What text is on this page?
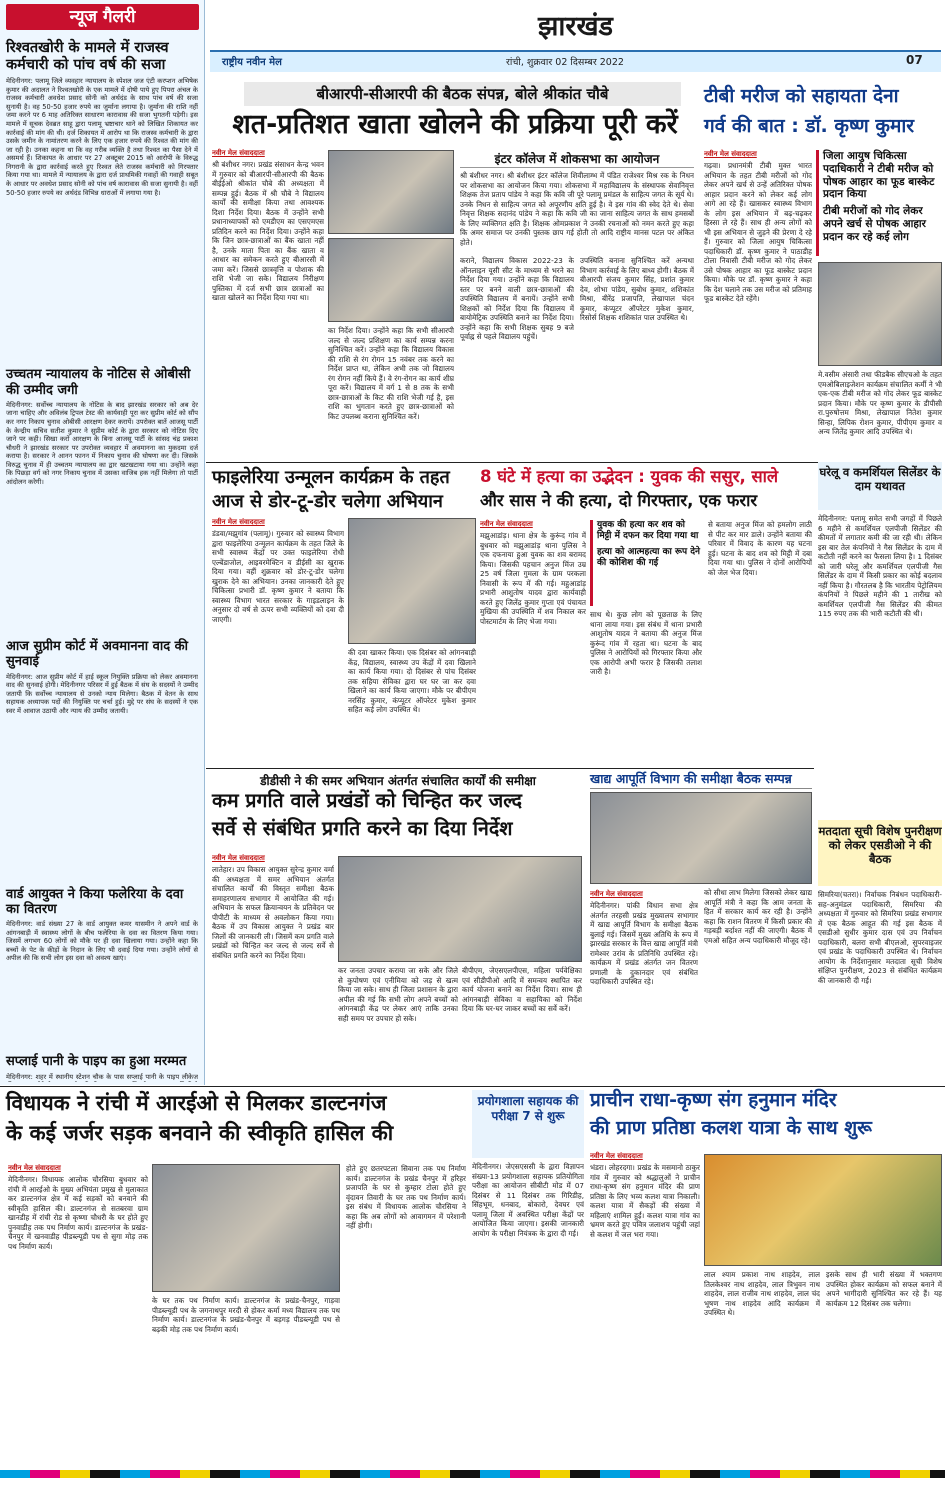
न्यूज गैलरी
रिश्वतखोरी के मामले में राजस्व कर्मचारी को पांच वर्ष की सजा
मेदिनीनगर: पलामू जिले व्यवहार न्यायालय के स्पेशल जज एंटी करप्शन अभिषेक कुमार की अदालत ने रिश्वतखोरी के एक मामले में दोषी पाये हुए पिपरा अंचल के राजस्व कर्मचारी अवधेश प्रसाद सोनी को अर्थदंड के साथ पांच वर्ष की सजा सुनायी है। वह 50-50 हजार रुपये का जुर्माना लगाया है। जुर्माना की राशि नहीं जमा करने पर 6 माह अतिरिक्त साधारण कारावास की सजा भुगतनी पड़ेगी। इस मामले में सूचक देवब्रत साहू द्वारा पलामू भ्रष्टाचार थाने को लिखित शिकायत कर कार्रवाई की मांग की थी। दर्ज शिकायत में आरोप था कि राजस्व कर्मचारी के द्वारा उसके जमीन के नामांतरण करने के लिए एक हजार रुपये की रिश्वत की मांग की जा रही है। उनका कहना था कि वह गरीब व्यक्ति है तथा रिश्वत का पैसा देने में असमर्थ हैं। शिकायत के आधार पर 27 अक्टूबर 2015 को आरोपी के विरुद्ध निगरानी के द्वारा कार्रवाई करते हुए रिश्वत लेते राजस्व कर्मचारी को गिरफ्तार किया गया था। मामले में न्यायालय के द्वारा दर्ज प्राथमिकी गवाहों की गवाही सबूत के आधार पर अवधेश प्रसाद सोनी को पांच वर्ष कारावास की सजा सुनायी है। वहीं 50-50 हजार रुपये का अर्थदंड विभिन्न धाराओं में लगाया गया है।
उच्चतम न्यायालय के नोटिस से ओबीसी की उम्मीद जगी
मेदिनीनगर: सर्वोच्च न्यायालय के नोटिस के बाद झारखंड सरकार को अब देर जाना चाहिए और अविलंब ट्रिपल टेस्ट की कार्यवाही पूरा कर सुप्रीम कोर्ट को सौंप कर नगर निकाय चुनाव ओबीसी आरक्षण देकर करायें। उपरोक्त बातें आजसू पार्टी के केन्द्रीय सचिव सतीश कुमार ने सुप्रीम कोर्ट के द्वारा सरकार को नोटिस दिए जाने पर कही। सिखा करों आरक्षण के बिना आजसू पार्टी के सांसद चंद्र प्रकाश चौधरी ने झारखंड सरकार पर उपरोक्त व्यवहार में अवमानना का मुकदमा दर्ज कराया है। सरकार ने आनन फानन में निकाय चुनाव की घोषणा कर दी। जिसके विरुद्ध चुनाव में ही उच्चतम न्यायालय का द्वार खटखटाया गया था। उन्होंने कहा कि पिछड़ा वर्ग को नगर निकाय चुनाव में उसका वाजिब हक नहीं मिलेगा तो पार्टी आंदोलन करेगी।
आज सुप्रीम कोर्ट में अवमानना वाद की सुनवाई
मेदिनीनगर: आज सुप्रीम कोर्ट में हाई स्कूल नियुक्ति प्रक्रिया को लेकर अवमानना वाद की सुनवाई होगी। मेदिनीनगर परिसर में हुई बैठक में संघ के सदस्यों ने उम्मीद जतायी कि सर्वोच्च न्यायालय से उनको न्याय मिलेगा। बैठक में वेतन के साथ सहायक अध्यापक पदों की नियुक्ति पर चर्चा हुई। मुद्दे पर संघ के सदस्यों ने एक स्वर में आवाज उठायी और न्याय की उम्मीद जतायी।
वार्ड आयुक्त ने किया फलेरिया के दवा का वितरण
मेदिनीनगर: वार्ड संख्या 27 के वार्ड आयुक्त कमर यासमीन ने अपने वार्ड के आंगनबाड़ी में स्वास्थ्य लोगों के बीच फलेरिया के दवा का वितरण किया गया। जिसमें लगभग 60 लोगों को मौके पर ही दवा खिलाया गया। उन्होंने कहा कि बच्चों के पेट के कीड़ों के निदान के लिए भी दवाई दिया गया। उन्होंने लोगों से अपील की कि सभी लोग इस दवा को अवश्य खाएं।
सप्लाई पानी के पाइप का हुआ मरम्मत
मेदिनीनगर: शहर में स्थानीय स्टेशन चौक के पास सप्लाई पानी के पाइप लीकेज
झारखंड
राष्ट्रीय नवीन मेल	रांची, शुक्रवार 02 दिसम्बर 2022	07
बीआरपी-सीआरपी की बैठक संपन्न, बोले श्रीकांत चौबे
शत-प्रतिशत खाता खोलने की प्रक्रिया पूरी करें
नवीन मेल संवाददाता
श्री बंशीधर नगर। प्रखंड संसाधन केन्द्र भवन में गुरुवार को बीआरपी-सीआरपी की बैठक बीईईओ श्रीकांत चौबे की अध्यक्षता में सम्पन्न हुई। बैठक में श्री चौबे ने विद्यालय कार्यों की समीक्षा किया तथा आवश्यक दिशा निर्देश दिया। बैठक में उन्होंने सभी प्रधानाध्यापकों को एमडीएम का एसएमएस प्रतिदिन करने का निर्देश दिया। उन्होंने कहा कि जिन छात्र-छात्राओं का बैंक खाता नहीं है, उनके माता पिता का बैंक खाता व आधार का समेकन करते हुए बीआरसी में जमा करें। जिससे छात्रवृत्ति व पोशाक की राशि भेजी जा सके। विद्यालय निरीक्षण पुस्तिका में दर्ज सभी छात्र छात्राओं का खाता खोलने का निर्देश दिया गया था।
का निर्देश दिया। उन्होंने कहा कि सभी सीआरपी जल्द से जल्द प्रशिक्षण का कार्य सम्पन्न करना सुनिश्चित करें। उन्होंने कहा कि विद्यालय विकास की राशि से रंग रोगन 15 नवंबर तक करने का निर्देश प्राप्त था, लेकिन अभी तक जो विद्यालय रंग रोगन नहीं किये हैं। वे रंग-रोगन का कार्य शीघ्र पूरा करें। विद्यालय में वर्ग 1 से 8 तक के सभी छात्र-छात्राओं के किट की राशि भेजी गई है, इस राशि का भुगतान करते हुए छात्र-छात्राओं को किट उपलब्ध कराना सुनिश्चित करें।
इंटर कॉलेज में शोकसभा का आयोजन
श्री बंशीधर नगर। श्री बंशीधर इंटर कॉलेज शिवीलाम्भ में पंडित राजेश्वर मिश्र रक के निधन पर शोकसभा का आयोजन किया गया। शोकसभा में महाविद्यालय के संस्थापक सेवानिवृत्त शिक्षक तेज प्रताप पांडेय ने कहा कि कवि जी पूरे पलामू प्रमंडल के साहित्य जगत के सूर्य थे। उनके निधन से साहित्य जगत को अपूरणीय क्षति हुई है। वे इस गांव की स्वेद देते थे। सेवा निवृत्त शिक्षक सदानंद पांडेय ने कहा कि कवि जी का जाना साहित्य जगत के साथ हमसबों के लिए व्यक्तिगत क्षति है। शिक्षक ओमप्रकाश ने उनकी रचनाओं को नमन करते हुए कहा कि अमर समाज पर उनकी पुस्तक छाप गई होती तो आदि राष्ट्रीय मानस पटल पर अंकित होते।
कराने, विद्यालय विकास 2022-23 के ऑनलाइन यूसी सीट के माध्यम से भरने का निर्देश दिया गया। उन्होंने कहा कि विद्यालय स्तर पर बनने वाली छात्र-छात्राओं की उपस्थिति विद्यालय में बनायें। उन्होंने सभी शिक्षकों को निर्देश दिया कि विद्यालय में बायोमेट्रिक उपस्थिति बनाने का निर्देश दिया। उन्होंने कहा कि सभी शिक्षक सुबह 9 बजे पूर्वाह्न से पहले विद्यालय पहुंचें।
उपस्थिति बनाना सुनिश्चित करें अन्यथा विभाग कार्रवाई के लिए बाध्य होगी। बैठक में बीआरपी संजय कुमार सिंह, प्रशांत कुमार देव, शोभा पांडेय, सुबोध कुमार, शशिकांत मिश्रा, बीरेंद्र प्रजापति, लेखापाल चंदन कुमार, कंप्यूटर ऑपरेटर मुकेश कुमार, रिसोर्स शिक्षक शशिकांत पाल उपस्थित थे।
टीबी मरीज को सहायता देना
गर्व की बात : डॉ. कृष्ण कुमार
नवीन मेल संवाददाता
गढ़वा। प्रधानमंत्री टीबी मुक्त भारत अभियान के तहत टीबी मरीजों को गोद लेकर अपने खर्च से उन्हें अतिरिक्त पोषक आहार प्रदान करने को लेकर कई लोग आगे आ रहे हैं। खासकर स्वास्थ्य विभाग के लोग इस अभियान में बढ़-चढ़कर हिस्सा ले रहे हैं। साथ ही अन्य लोगों को भी इस अभियान से जुड़ने की प्रेरणा दे रहे हैं। गुरुवार को जिला आयुष चिकित्सा पदाधिकारी डॉ. कृष्ण कुमार ने पाठाडीह टोला निवासी टीबी मरीज को गोद लेकर उसे पोषक आहार का फूड बास्केट प्रदान किया। मौके पर डॉ. कृष्ण कुमार ने कहा कि देश चलाने तक उस मरीज को प्रतिमाह फूड बास्केट देते रहेंगे।
जिला आयुष चिकित्सा पदाधिकारी ने टीबी मरीज को पोषक आहार का फूड बास्केट प्रदान किया
टीबी मरीजों को गोद लेकर अपने खर्च से पोषक आहार प्रदान कर रहे कई लोग
मे.वसीम अंसारी तथा फीडबैक सीएचओ के तहत एमओबिलाइजेशन कार्यक्रम संचालित कर्मी ने भी एक-एक टीबी मरीज को गोद लेकर फूड बास्केट प्रदान किया। मौके पर कृष्ण कुमार के डीपीसी रा.पुरुषोत्तम मिश्रा, लेखापाल नितेश कुमार सिन्हा, लिपिक रोशन कुमार, पीपीएम कुमार व अन्य जितेंद्र कुमार आदि उपस्थित थे।
फाइलेरिया उन्मूलन कार्यक्रम के तहत
आज से डोर-टू-डोर चलेगा अभियान
नवीन मेल संवाददाता
डंडवा/मझुगांव (पलामू)। गुरुवार को स्वास्थ्य विभाग द्वारा फाइलेरिया उन्मूलन कार्यक्रम के तहत जिले के सभी स्वास्थ्य केंद्रों पर उक्त फाइलेरिया रोधी एल्बेंडाजोल, आइवरमेक्टिन व डीईसी का खुराक दिया गया। वहीं शुक्रवार को डोर-टू-डोर चलेगा खुराक देने का अभियान। उनका जानकारी देते हुए चिकित्सा प्रभारी डॉ. कृष्ण कुमार ने बताया कि स्वास्थ्य विभाग भारत सरकार के गाइडलाइन के अनुसार दो वर्ष से ऊपर सभी व्यक्तियों को दवा दी जाएगी।
की दवा खाकर किया। एक दिसंबर को आंगनबाड़ी केंद्र, विद्यालय, स्वास्थ्य उप केंद्रों में दवा खिलाने का कार्य किया गया। दो दिसंबर से पांच दिसंबर तक सहिया सेविका द्वारा घर घर जा कर दवा खिलाने का कार्य किया जाएगा। मौके पर बीपीएम नरसिंह कुमार, कंप्यूटर ऑपरेटर मुकेश कुमार सहित कई लोग उपस्थित थे।
8 घंटे में हत्या का उद्भेदन : युवक की ससुर, साले
और सास ने की हत्या, दो गिरफ्तार, एक फरार
नवीन मेल संवाददाता
मझुआडांड़। थाना क्षेत्र के कुरूंद गांव में बुधवार को मझुआडांड़ थाना पुलिस ने एक दफनाया हुआ युवक का शव बरामद किया। जिसकी पहचान अनुज मिंज उम्र 25 वर्ष जिला गुमला के ग्राम परकला निवासी के रूप में की गई। महुआडांड़ प्रभारी आशुतोष यादव द्वारा कार्यवाही करते हुए जिलेंद्र कुमार गुप्ता एवं पंचायत मुखिया की उपस्थिति में शव निकाल कर पोस्टमार्टम के लिए भेजा गया।
युवक की हत्या कर शव को मिट्टी में दफन कर दिया गया था
हत्या को आत्महत्या का रूप देने की कोशिश की गई
साथ थे। कुछ लोग को पूछताछ के लिए थाना लाया गया। इस संबंध में थाना प्रभारी आशुतोष यादव ने बताया की अनुज मिंज कुरूंद गांव में रहता था। घटना के बाद पुलिस ने आरोपियों को गिरफ्तार किया और एक आरोपी अभी फरार है जिसकी तलाश जारी है।
से बताया अनुज मिंज को हमलोग लाठी से पीट कर मार डाले। उन्होंने बताया की परिवार में विवाद के कारण यह घटना हुई। घटना के बाद शव को मिट्टी में दबा दिया गया था। पुलिस ने दोनों आरोपियों को जेल भेज दिया।
घरेलू व कमर्शियल सिलेंडर के दाम यथावत
मेदिनीनगर: पलामू समेत सभी जगहों में पिछले 6 महीने से कमर्शियल एलपीजी सिलेंडर की कीमतों में लगातार कमी की जा रही थी। लेकिन इस बार तेल कंपनियों ने गैस सिलेंडर के दाम में कटौती नहीं करने का फैसला लिया है। 1 दिसंबर को जारी घरेलू और कमर्शियल एलपीजी गैस सिलेंडर के दाम में किसी प्रकार का कोई बदलाव नहीं किया है। गौरतलब है कि भारतीय पेट्रोलियम कंपनियों ने पिछले महीने की 1 तारीख को कमर्शियल एलपीजी गैस सिलेंडर की कीमत 115 रुपए तक की भारी कटौती की थी।
डीडीसी ने की समर अभियान अंतर्गत संचालित कार्यों की समीक्षा
कम प्रगति वाले प्रखंडों को चिन्हित कर जल्द
सर्वे से संबंधित प्रगति करने का दिया निर्देश
नवीन मेल संवाददाता
लातेहार। उप विकास आयुक्त सुरेन्द्र कुमार वर्मा की अध्यक्षता में समर अभियान अंतर्गत संचालित कार्यों की विस्तृत समीक्षा बैठक समाहरणालय सभागार में आयोजित की गई। अभियान के सफल क्रियान्वयन के प्रतिवेदन पर पीपीटी के माध्यम से अवलोकन किया गया। बैठक में उप विकास आयुक्त ने प्रखंड बार जिलों की जानकारी ली। जिसमें कम प्रगति वाले प्रखंडों को चिन्हित कर जल्द से जल्द सर्वे से संबंधित प्रगति करने का निर्देश दिया।
कर जनता उपचार कराया जा सके और जिले से कुपोषण एवं एनीमिया को जड़ से खत्म किया जा सके। साथ ही जिला प्रशासन के द्वारा अपील की गई कि सभी लोग अपने बच्चों को आंगनबाड़ी केंद्र पर लेकर आएं ताकि उनका सही समय पर उपचार हो सके।
बीपीएम, जेएसएलपीएस, महिला पर्यवेक्षिका एवं सीडीपीओ आदि में समन्वय स्थापित कर कार्य योजना बनाने का निर्देश दिया। साथ ही आंगनबाड़ी सेविका व सहायिका को निर्देश दिया कि घर-घर जाकर बच्चों का सर्वे करें।
खाद्य आपूर्ति विभाग की समीक्षा बैठक सम्पन्न
नवीन मेल संवाददाता
मेदिनीनगर। पांकी विधान सभा क्षेत्र अंतर्गत तरहसी प्रखंड मुख्यालय सभागार में खाद्य आपूर्ति विभाग के समीक्षा बैठक बुलाई गई। जिसमें मुख्य अतिथि के रूप में झारखंड सरकार के वित्त खाद्य आपूर्ति मंत्री रामेश्वर उरांव के प्रतिनिधि उपस्थित रहे। कार्यक्रम में प्रखंड अंतर्गत जन वितरण प्रणाली के दुकानदार एवं संबंधित पदाधिकारी उपस्थित रहे।
को सीधा लाभ मिलेगा जिसको लेकर खाद्य आपूर्ति मंत्री ने कहा कि आम जनता के हित में सरकार कार्य कर रही है। उन्होंने कहा कि राशन वितरण में किसी प्रकार की गड़बड़ी बर्दाश्त नहीं की जाएगी। बैठक में एमओ सहित अन्य पदाधिकारी मौजूद रहे।
मतदाता सूची विशेष पुनरीक्षण को लेकर एसडीओ ने की बैठक
सिमरिया(चतरा)। निर्वाचक निबंधन पदाधिकारी-सह-अनुमंडल पदाधिकारी, सिमरिया की अध्यक्षता में गुरुवार को सिमरिया प्रखंड सभागार में एक बैठक आहूत की गई इस बैठक में एसडीओ सुधीर कुमार दास एवं उप निर्वाचन पदाधिकारी, बलरा सभी बीएलओ, सुपरवाइजर एवं प्रखंड के पदाधिकारी उपस्थित थे। निर्वाचन आयोग के निर्देशानुसार मतदाता सूची विशेष संक्षिप्त पुनरीक्षण, 2023 से संबंधित कार्यक्रम की जानकारी दी गई।
विधायक ने रांची में आरईओ से मिलकर डाल्टनगंज
के कई जर्जर सड़क बनवाने की स्वीकृति हासिल की
नवीन मेल संवाददाता
मेदिनीनगर। विधायक आलोक चौरसिया बुधवार को रांची में आरईओ के मुख्य अभियंता प्रमुख से मुलाकात कर डाल्टनगंज क्षेत्र में कई सड़कों को बनवाने की स्वीकृति हासिल की। डाल्टनगंज से सतबरवा ग्राम खानडीह में रांची रोड से कृष्णा चौधरी के घर होते हुए पुनवाडीह तक पथ निर्माण कार्य। डाल्टनगंज के प्रखंड-चैनपुर में खनवाडीह पीडब्ल्यूडी पथ से सुगा मोड़ तक पथ निर्माण कार्य।
के घर तक पथ निर्माण कार्य। डाल्टनगंज के प्रखंड-चैनपुर, गाड़वा पीडब्ल्यूडी पथ के जगनाथपुर मरदी से होकर कर्मा मध्य विद्यालय तक पथ निर्माण कार्य। डाल्टनगंज के प्रखंड-चैनपुर में बड़गड़ पीडब्ल्यूडी पथ से बढ़की मोड़ तक पथ निर्माण कार्य।
होते हुए छतरपटला सिवाना तक पथ निर्माण कार्य। डाल्टनगंज के प्रखंड चैनपुर में हरिहर प्रजापति के घर से कुम्हार टोला होते हुए वृंदावन तिवारी के घर तक पथ निर्माण कार्य। इस संबंध में विधायक आलोक चौरसिया ने कहा कि अब लोगों को आवागमन में परेशानी नहीं होगी।
प्रयोगशाला सहायक की परीक्षा 7 से शुरू
मेदिनीनगर। जेएसएससी के द्वारा विज्ञापन संख्या-13 प्रयोगशाला सहायक प्रतियोगिता परीक्षा का आयोजन सीबीटी मोड में 07 दिसंबर से 11 दिसंबर तक गिरिडीह, सिंहभूम, धनबाद, बोकारो, देवघर एवं पलामू जिला में अवस्थित परीक्षा केंद्रों पर आयोजित किया जाएगा। इसकी जानकारी आयोग के परीक्षा नियंत्रक के द्वारा दी गई।
प्राचीन राधा-कृष्ण संग हनुमान मंदिर
की प्राण प्रतिष्ठा कलश यात्रा के साथ शुरू
नवीन मेल संवाददाता
भंडरा। लोहरदगा। प्रखंड के मसमानो ठाकुर गांव में गुरुवार को श्रद्धालुओं ने प्राचीन राधा-कृष्ण संग हनुमान मंदिर की प्राण प्रतिष्ठा के लिए भव्य कलश यात्रा निकाली। कलश यात्रा में सैकड़ों की संख्या में महिलाएं शामिल हुईं। कलश यात्रा गांव का भ्रमण करते हुए पवित्र जलाशय पहुंची जहां से कलश में जल भरा गया।
लाल श्याम प्रकाश नाथ शाहदेव, लाल तिलकेश्वर नाथ शाहदेव, लाल त्रिभुवन नाथ शाहदेव, लाल राजीव नाथ शाहदेव, लाल चंद भूषण नाथ शाहदेव आदि कार्यक्रम में उपस्थित थे।
इसके साथ ही भारी संख्या में भक्तगण उपस्थित होकर कार्यक्रम को सफल बनाने में अपने भागीदारी सुनिश्चित कर रहे हैं। यह कार्यक्रम 12 दिसंबर तक चलेगा।
